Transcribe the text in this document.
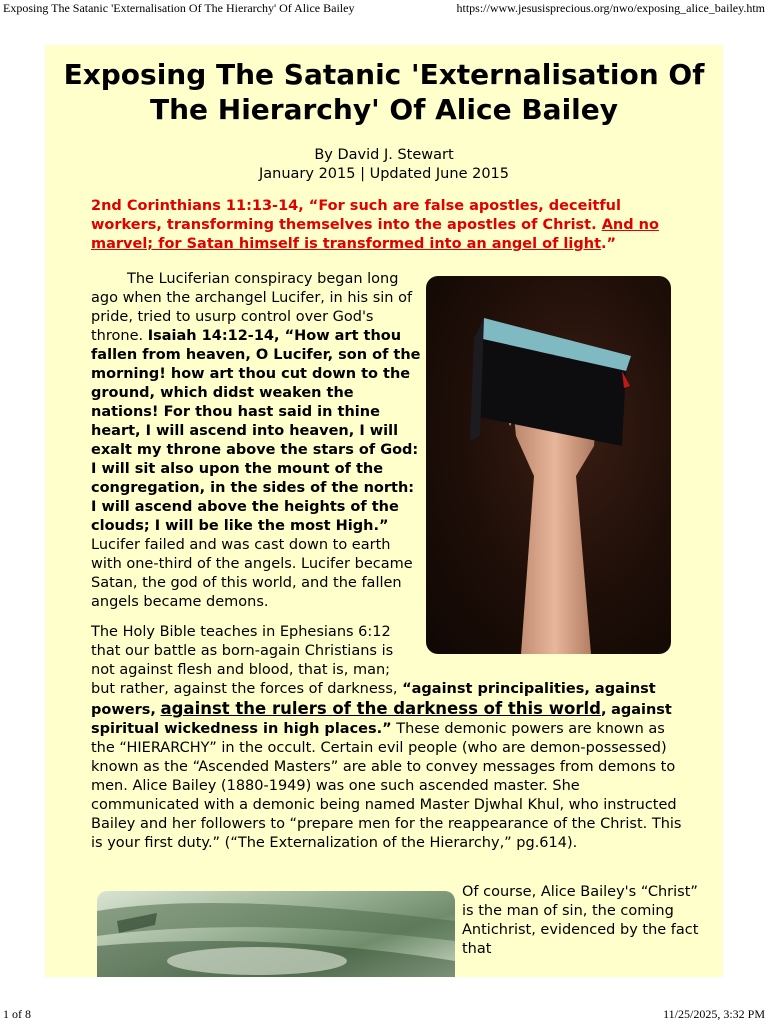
Exposing The Satanic 'Externalisation Of The Hierarchy' Of Alice Bailey	https://www.jesusisprecious.org/nwo/exposing_alice_bailey.htm
Exposing The Satanic 'Externalisation Of The Hierarchy' Of Alice Bailey
By David J. Stewart
January 2015 | Updated June 2015
2nd Corinthians 11:13-14, “For such are false apostles, deceitful workers, transforming themselves into the apostles of Christ. And no marvel; for Satan himself is transformed into an angel of light.”
The Luciferian conspiracy began long ago when the archangel Lucifer, in his sin of pride, tried to usurp control over God's throne. Isaiah 14:12-14, “How art thou fallen from heaven, O Lucifer, son of the morning! how art thou cut down to the ground, which didst weaken the nations! For thou hast said in thine heart, I will ascend into heaven, I will exalt my throne above the stars of God: I will sit also upon the mount of the congregation, in the sides of the north: I will ascend above the heights of the clouds; I will be like the most High.” Lucifer failed and was cast down to earth with one-third of the angels. Lucifer became Satan, the god of this world, and the fallen angels became demons.
The Holy Bible teaches in Ephesians 6:12 that our battle as born-again Christians is not against flesh and blood, that is, man;
but rather, against the forces of darkness, “against principalities, against powers, against the rulers of the darkness of this world, against spiritual wickedness in high places.” These demonic powers are known as the “HIERARCHY” in the occult. Certain evil people (who are demon-possessed) known as the “Ascended Masters” are able to convey messages from demons to men. Alice Bailey (1880-1949) was one such ascended master. She communicated with a demonic being named Master Djwhal Khul, who instructed Bailey and her followers to “prepare men for the reappearance of the Christ. This is your first duty.” (“The Externalization of the Hierarchy,” pg.614).
Of course, Alice Bailey's “Christ” is the man of sin, the coming Antichrist, evidenced by the fact that
1 of 8	11/25/2025, 3:32 PM
